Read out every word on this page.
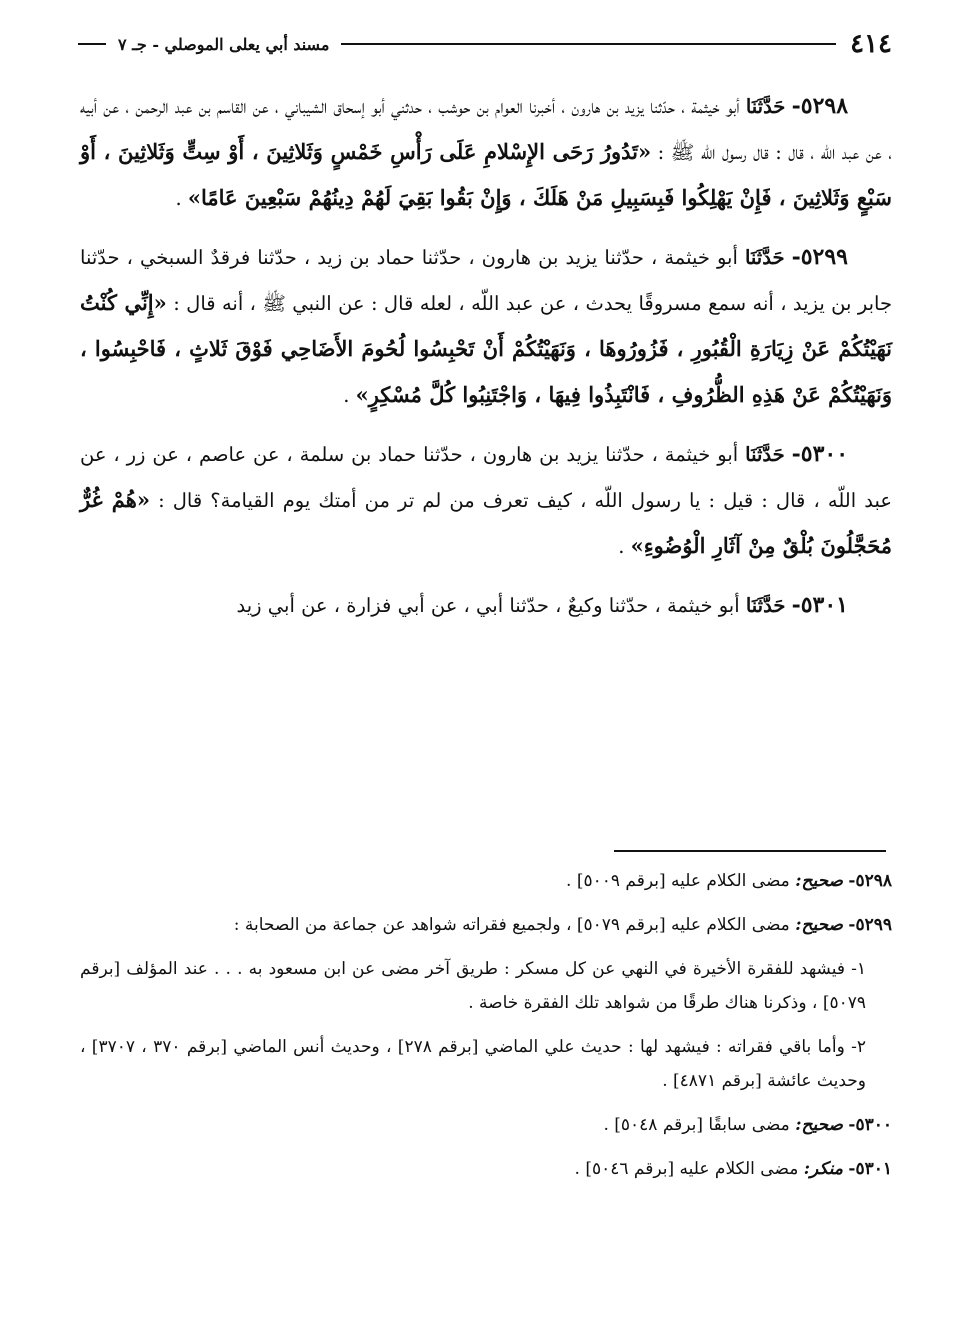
٤١٤
مسند أبي يعلى الموصلي - جـ ٧

٥٢٩٨- حَدَّثَنَا أبو خيثمة ، حدّثنا يزيد بن هارون ، أخبرنا العوام بن حوشب ، حدثني أبو إسحاق الشيباني ، عن القاسم بن عبد الرحمن ، عن أبيه ، عن عبد اللّه ، قال : قال رسول اللّه ﷺ : «تَدُورُ رَحَى الإِسْلامِ عَلَى رَأْسِ خَمْسٍ وَثَلاثِينَ ، أَوْ سِتٍّ وَثَلاثِينَ ، أَوْ سَبْعٍ وَثَلاثِينَ ، فَإِنْ يَهْلِكُوا فَبِسَبِيلِ مَنْ هَلَكَ ، وَإِنْ بَقُوا بَقِيَ لَهُمْ دِينُهُمْ سَبْعِينَ عَامًا» .

٥٢٩٩- حَدَّثَنَا أبو خيثمة ، حدّثنا يزيد بن هارون ، حدّثنا حماد بن زيد ، حدّثنا فرقدٌ السبخي ، حدّثنا جابر بن يزيد ، أنه سمع مسروقًا يحدث ، عن عبد اللّه ، لعله قال : عن النبي ﷺ ، أنه قال : «إِنِّي كُنْتُ نَهَيْتُكُمْ عَنْ زِيَارَةِ الْقُبُورِ ، فَزُورُوهَا ، وَنَهَيْتُكُمْ أَنْ تَحْبِسُوا لُحُومَ الأَضَاحِي فَوْقَ ثَلاثٍ ، فَاحْبِسُوا ، وَنَهَيْتُكُمْ عَنْ هَذِهِ الظُّرُوفِ ، فَانْتَبِذُوا فِيهَا ، وَاجْتَنِبُوا كُلَّ مُسْكِرٍ» .

٥٣٠٠- حَدَّثَنَا أبو خيثمة ، حدّثنا يزيد بن هارون ، حدّثنا حماد بن سلمة ، عن عاصم ، عن زر ، عن عبد اللّه ، قال : قيل : يا رسول اللّه ، كيف تعرف من لم تر من أمتك يوم القيامة؟ قال : «هُمْ غُرٌّ مُحَجَّلُونَ بُلْقٌ مِنْ آثَارِ الْوُضُوءِ» .

٥٣٠١- حَدَّثَنَا أبو خيثمة ، حدّثنا وكيعٌ ، حدّثنا أبي ، عن أبي فزارة ، عن أبي زيد

٥٢٩٨- صحيح: مضى الكلام عليه [برقم ٥٠٠٩] .

٥٢٩٩- صحيح: مضى الكلام عليه [برقم ٥٠٧٩] ، ولجميع فقراته شواهد عن جماعة من الصحابة :

١- فيشهد للفقرة الأخيرة في النهي عن كل مسكر : طريق آخر مضى عن ابن مسعود به . . . عند المؤلف [برقم ٥٠٧٩] ، وذكرنا هناك طرقًا من شواهد تلك الفقرة خاصة .

٢- وأما باقي فقراته : فيشهد لها : حديث علي الماضي [برقم ٢٧٨] ، وحديث أنس الماضي [برقم ٣٧٠ ، ٣٧٠٧] ، وحديث عائشة [برقم ٤٨٧١] .

٥٣٠٠- صحيح: مضى سابقًا [برقم ٥٠٤٨] .

٥٣٠١- منكر: مضى الكلام عليه [برقم ٥٠٤٦] .
